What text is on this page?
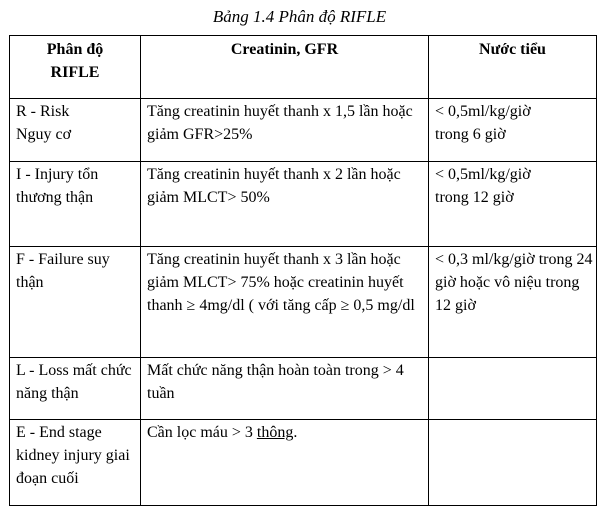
Bảng 1.4 Phân độ RIFLE
Phân độ RIFLE	Creatinin, GFR	Nước tiểu

R - Risk Nguy cơ	Tăng creatinin huyết thanh x 1,5 lần hoặc giảm GFR>25%	< 0,5ml/kg/giờ trong 6 giờ

I - Injury tổn thương thận	Tăng creatinin huyết thanh x 2 lần hoặc giảm MLCT> 50%	< 0,5ml/kg/giờ trong 12 giờ

F - Failure suy thận	Tăng creatinin huyết thanh x 3 lần hoặc giảm MLCT> 75% hoặc creatinin huyết thanh ≥ 4mg/dl ( với tăng cấp ≥ 0,5 mg/dl	< 0,3 ml/kg/giờ trong 24 giờ hoặc vô niệu trong 12 giờ

L - Loss mất chức năng thận	Mất chức năng thận hoàn toàn trong > 4 tuần	

E - End stage kidney injury giai đoạn cuối	Cần lọc máu > 3 thông.	
